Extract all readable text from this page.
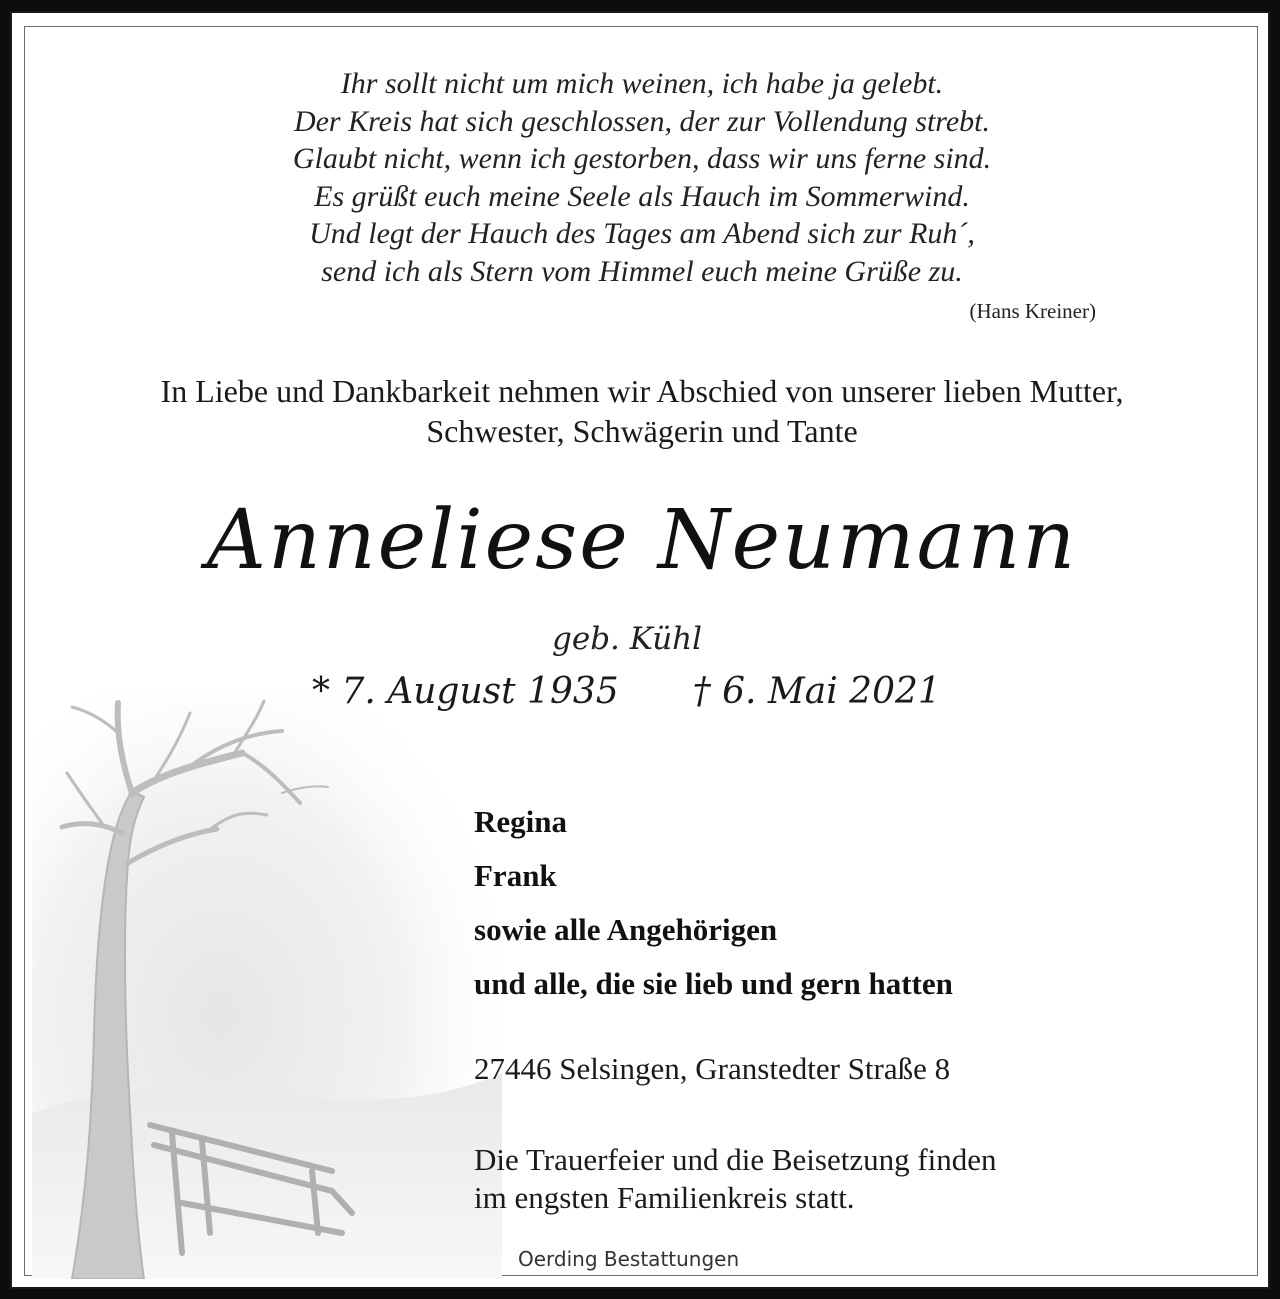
Ihr sollt nicht um mich weinen, ich habe ja gelebt.
Der Kreis hat sich geschlossen, der zur Vollendung strebt.
Glaubt nicht, wenn ich gestorben, dass wir uns ferne sind.
Es grüßt euch meine Seele als Hauch im Sommerwind.
Und legt der Hauch des Tages am Abend sich zur Ruh´,
send ich als Stern vom Himmel euch meine Grüße zu.
(Hans Kreiner)
In Liebe und Dankbarkeit nehmen wir Abschied von unserer lieben Mutter,
Schwester, Schwägerin und Tante
Anneliese Neumann
geb. Kühl
* 7. August 1935 † 6. Mai 2021
Regina
Frank
sowie alle Angehörigen
und alle, die sie lieb und gern hatten
27446 Selsingen, Granstedter Straße 8
Die Trauerfeier und die Beisetzung finden
im engsten Familienkreis statt.
Oerding Bestattungen
